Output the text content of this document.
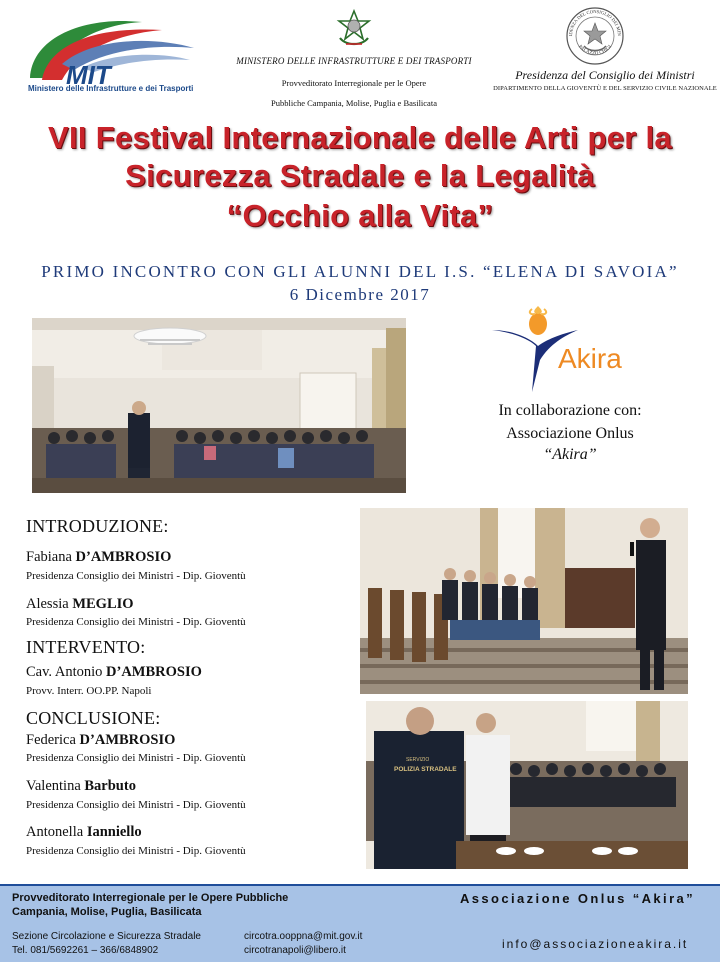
MIT
Ministero delle Infrastrutture e dei Trasporti
MINISTERO DELLE INFRASTRUTTURE E DEI TRASPORTI
Provveditorato Interregionale per le Opere
Pubbliche Campania, Molise, Puglia e Basilicata
IDENZA DEL CONSIGLIO DEI MIN
PALAZZO CHIGI
Presidenza del Consiglio dei Ministri
DIPARTIMENTO DELLA GIOVENTÙ E DEL SERVIZIO CIVILE NAZIONALE
VII Festival Internazionale delle Arti per la
Sicurezza Stradale e la Legalità
“Occhio alla Vita”
PRIMO INCONTRO CON GLI ALUNNI DEL I.S. “ELENA DI SAVOIA”
6 Dicembre 2017
Akira
In collaborazione con:
Associazione Onlus
“Akira”
INTRODUZIONE:
Fabiana D’AMBROSIO
Presidenza Consiglio dei Ministri - Dip. Gioventù
Alessia MEGLIO
Presidenza Consiglio dei Ministri - Dip. Gioventù
INTERVENTO:
Cav. Antonio D’AMBROSIO
Provv. Interr. OO.PP. Napoli
CONCLUSIONE:
Federica D’AMBROSIO
Presidenza Consiglio dei Ministri - Dip. Gioventù
Valentina Barbuto
Presidenza Consiglio dei Ministri - Dip. Gioventù
Antonella Ianniello
Presidenza Consiglio dei Ministri - Dip. Gioventù
SERVIZIO
POLIZIA STRADALE
Provveditorato Interregionale per le Opere Pubbliche
Campania, Molise, Puglia, Basilicata
Sezione Circolazione e Sicurezza Stradale
Tel. 081/5692261 – 366/6848902
circotra.ooppna@mit.gov.it
circotranapoli@libero.it
Associazione Onlus “Akira”
info@associazioneakira.it
